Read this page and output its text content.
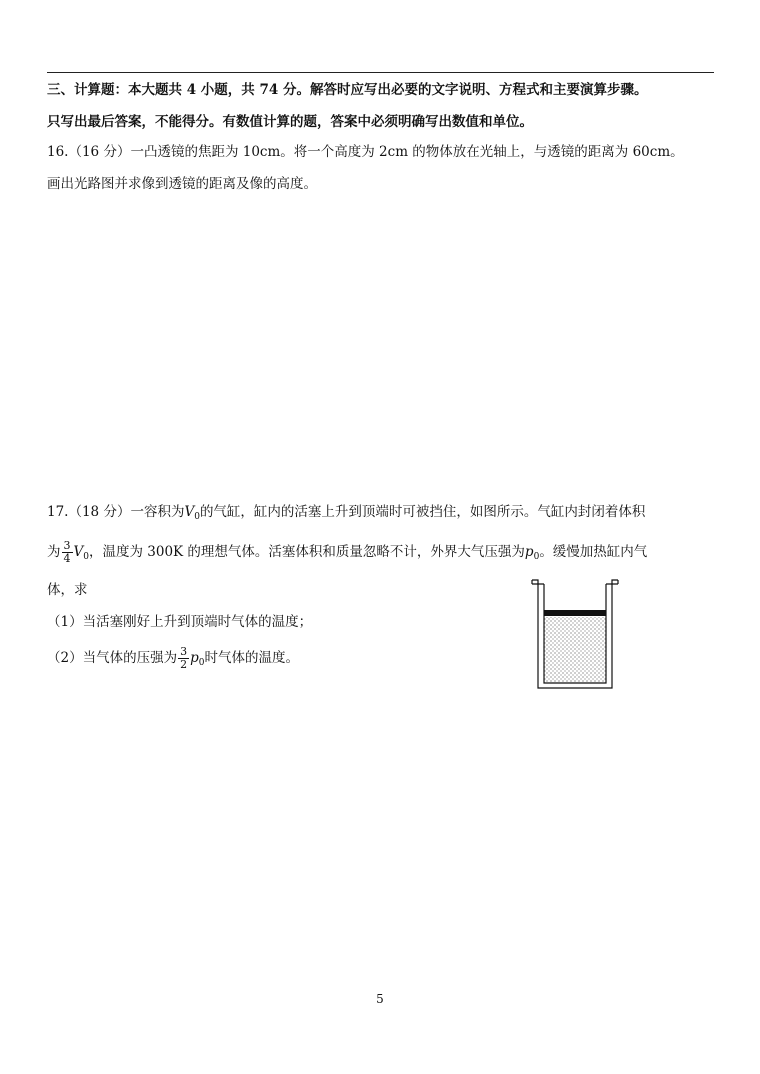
三、计算题：本大题共 4 小题，共 74 分。解答时应写出必要的文字说明、方程式和主要演算步骤。
只写出最后答案，不能得分。有数值计算的题，答案中必须明确写出数值和单位。
16.（16 分）一凸透镜的焦距为 10cm。将一个高度为 2cm 的物体放在光轴上，与透镜的距离为 60cm。
画出光路图并求像到透镜的距离及像的高度。
17.（18 分）一容积为$V_0$的气缸，缸内的活塞上升到顶端时可被挡住，如图所示。气缸内封闭着体积
为 $\frac{3}{4} V_0$，温度为 300K 的理想气体。活塞体积和质量忽略不计，外界大气压强为$p_0$。缓慢加热缸内气
体，求
（1）当活塞刚好上升到顶端时气体的温度；
（2）当气体的压强为 $\frac{3}{2} p_0$时气体的温度。
5
